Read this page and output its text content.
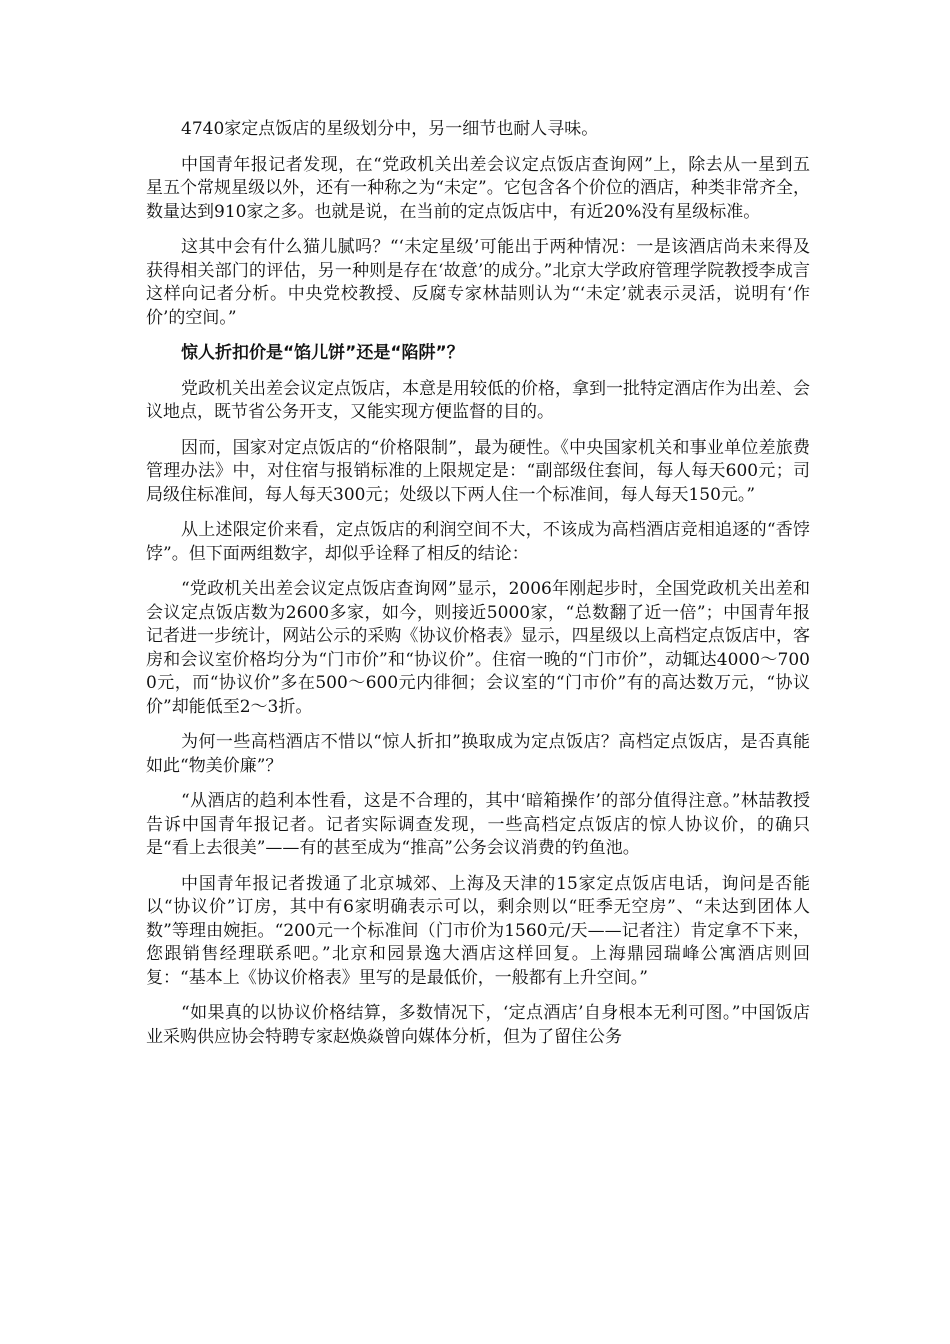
4740家定点饭店的星级划分中，另一细节也耐人寻味。

中国青年报记者发现，在“党政机关出差会议定点饭店查询网”上，除去从一星到五星五个常规星级以外，还有一种称之为“未定”。它包含各个价位的酒店，种类非常齐全，数量达到910家之多。也就是说，在当前的定点饭店中，有近20%没有星级标准。

这其中会有什么猫儿腻吗？“‘未定星级’可能出于两种情况：一是该酒店尚未来得及获得相关部门的评估，另一种则是存在‘故意’的成分。”北京大学政府管理学院教授李成言这样向记者分析。中央党校教授、反腐专家林喆则认为“‘未定’就表示灵活，说明有‘作价’的空间。”

惊人折扣价是“馅儿饼”还是“陷阱”？

党政机关出差会议定点饭店，本意是用较低的价格，拿到一批特定酒店作为出差、会议地点，既节省公务开支，又能实现方便监督的目的。

因而，国家对定点饭店的“价格限制”，最为硬性。《中央国家机关和事业单位差旅费管理办法》中，对住宿与报销标准的上限规定是：“副部级住套间，每人每天600元；司局级住标准间，每人每天300元；处级以下两人住一个标准间，每人每天150元。”

从上述限定价来看，定点饭店的利润空间不大，不该成为高档酒店竞相追逐的“香饽饽”。但下面两组数字，却似乎诠释了相反的结论：

“党政机关出差会议定点饭店查询网”显示，2006年刚起步时，全国党政机关出差和会议定点饭店数为2600多家，如今，则接近5000家，“总数翻了近一倍”；中国青年报记者进一步统计，网站公示的采购《协议价格表》显示，四星级以上高档定点饭店中，客房和会议室价格均分为“门市价”和“协议价”。住宿一晚的“门市价”，动辄达4000～7000元，而“协议价”多在500～600元内徘徊；会议室的“门市价”有的高达数万元，“协议价”却能低至2～3折。

为何一些高档酒店不惜以“惊人折扣”换取成为定点饭店？高档定点饭店，是否真能如此“物美价廉”？

“从酒店的趋利本性看，这是不合理的，其中‘暗箱操作’的部分值得注意。”林喆教授告诉中国青年报记者。记者实际调查发现，一些高档定点饭店的惊人协议价，的确只是“看上去很美”——有的甚至成为“推高”公务会议消费的钓鱼池。

中国青年报记者拨通了北京城郊、上海及天津的15家定点饭店电话，询问是否能以“协议价”订房，其中有6家明确表示可以，剩余则以“旺季无空房”、“未达到团体人数”等理由婉拒。“200元一个标准间（门市价为1560元/天——记者注）肯定拿不下来，您跟销售经理联系吧。”北京和园景逸大酒店这样回复。上海鼎园瑞峰公寓酒店则回复：“基本上《协议价格表》里写的是最低价，一般都有上升空间。”

“如果真的以协议价格结算，多数情况下，‘定点酒店’自身根本无利可图。”中国饭店业采购供应协会特聘专家赵焕焱曾向媒体分析，但为了留住公务
